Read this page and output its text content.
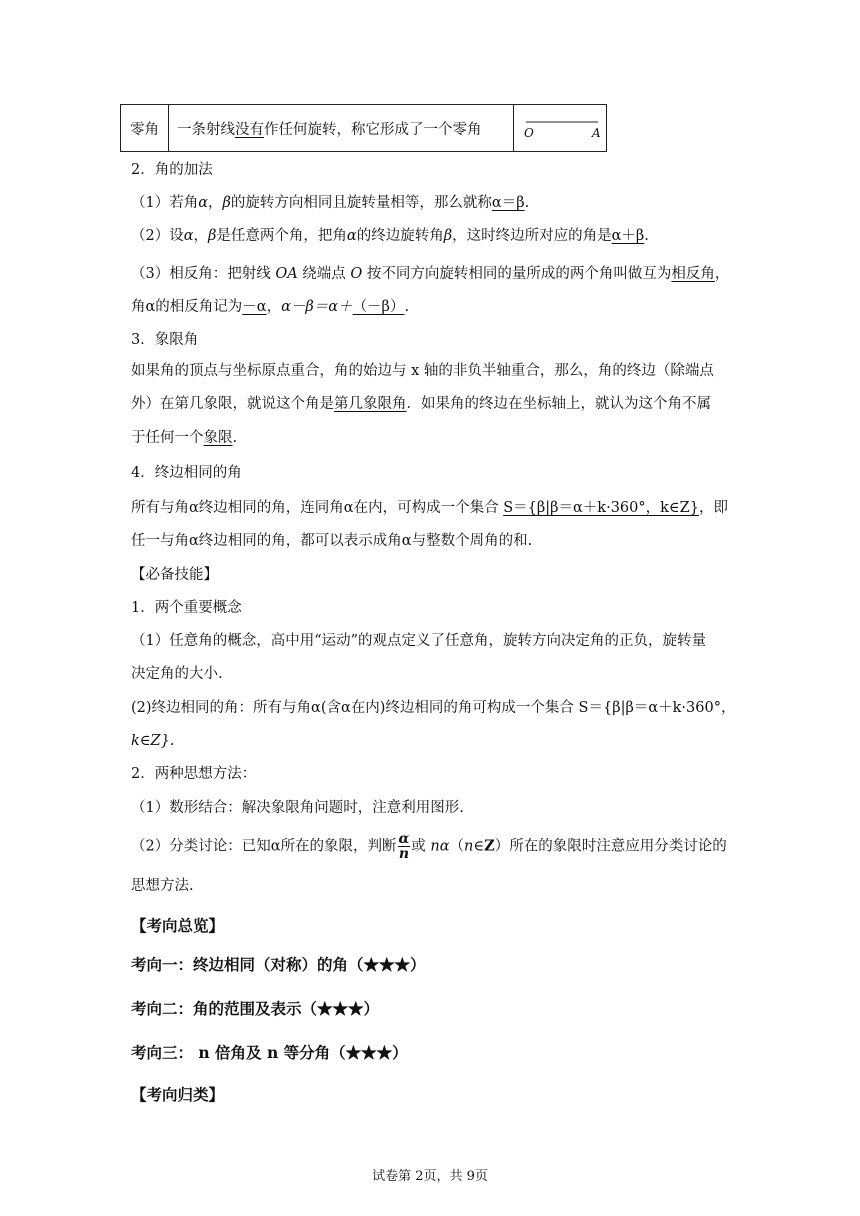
零角	一条射线没有作任何旋转，称它形成了一个零角	O	A
2．角的加法
（1）若角α，β的旋转方向相同且旋转量相等，那么就称α＝β.
（2）设α，β是任意两个角，把角α的终边旋转角β，这时终边所对应的角是α＋β.
（3）相反角：把射线 OA 绕端点 O 按不同方向旋转相同的量所成的两个角叫做互为相反角，
角α的相反角记为－α，α－β＝α＋（－β）.
3．象限角
如果角的顶点与坐标原点重合，角的始边与 x 轴的非负半轴重合，那么，角的终边（除端点
外）在第几象限，就说这个角是第几象限角．如果角的终边在坐标轴上，就认为这个角不属
于任何一个象限.
4．终边相同的角
所有与角α终边相同的角，连同角α在内，可构成一个集合 S＝{β|β＝α＋k·360°，k∈Z}，即
任一与角α终边相同的角，都可以表示成角α与整数个周角的和.
【必备技能】
1．两个重要概念
（1）任意角的概念，高中用“运动”的观点定义了任意角，旋转方向决定角的正负，旋转量
决定角的大小.
(2)终边相同的角：所有与角α(含α在内)终边相同的角可构成一个集合 S＝{β|β＝α＋k·360°，
k∈Z}.
2．两种思想方法：
（1）数形结合：解决象限角问题时，注意利用图形.
（2）分类讨论：已知α所在的象限，判断 $\frac{\alpha}{n}$ 或 nα（n∈Z）所在的象限时注意应用分类讨论的
思想方法.
【考向总览】
考向一：终边相同（对称）的角（★★★）
考向二：角的范围及表示（★★★）
考向三： n 倍角及 n 等分角（★★★）
【考向归类】
试卷第 2页，共 9页
